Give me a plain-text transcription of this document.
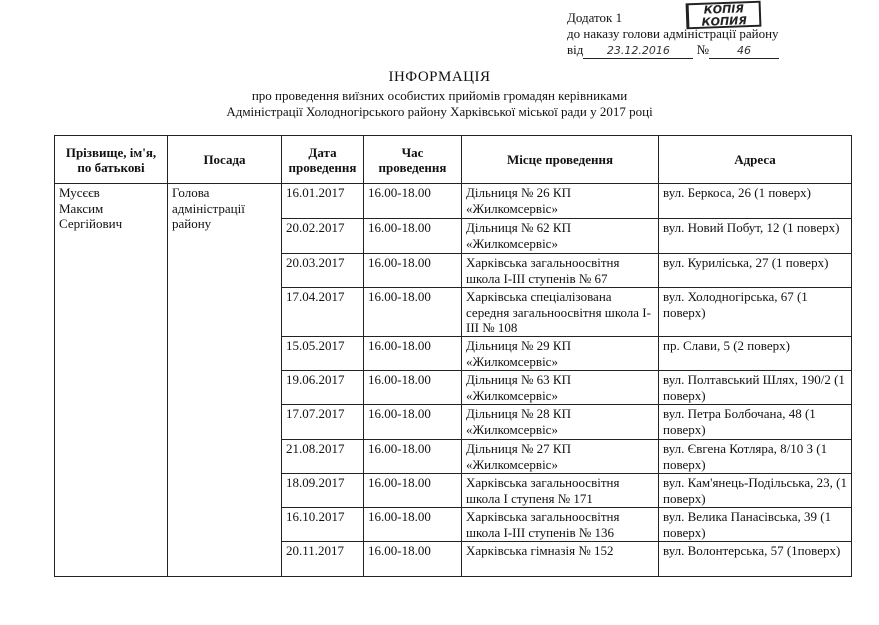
Додаток 1
до наказу голови адміністрації району
від 23.12.2016 №	46
КОПІЯ
КОПИЯ
ІНФОРМАЦІЯ
про проведення виїзних особистих прийомів громадян керівниками
Адміністрації Холодногірського району Харківської міської ради у 2017 році
Прізвище, ім'я, по батькові	Посада	Дата проведення	Час проведення	Місце проведення	Адреса

Мусєєв
Максим
Сергійович	Голова адміністрації району	16.01.2017	16.00-18.00	Дільниця № 26 КП «Жилкомсервіс»	вул. Беркоса, 26 (1 поверх)
		20.02.2017	16.00-18.00	Дільниця № 62 КП «Жилкомсервіс»	вул. Новий Побут, 12 (1 поверх)
		20.03.2017	16.00-18.00	Харківська загальноосвітня школа І-ІІІ ступенів № 67	вул. Куриліська, 27 (1 поверх)
		17.04.2017	16.00-18.00	Харківська спеціалізована середня загальноосвітня школа І-ІІІ № 108	вул. Холодногірська, 67 (1 поверх)
		15.05.2017	16.00-18.00	Дільниця № 29 КП «Жилкомсервіс»	пр. Слави, 5 (2 поверх)
		19.06.2017	16.00-18.00	Дільниця № 63 КП «Жилкомсервіс»	вул. Полтавський Шлях, 190/2 (1 поверх)
		17.07.2017	16.00-18.00	Дільниця № 28 КП «Жилкомсервіс»	вул. Петра Болбочана, 48 (1 поверх)
		21.08.2017	16.00-18.00	Дільниця № 27 КП «Жилкомсервіс»	вул. Євгена Котляра, 8/10 З (1 поверх)
		18.09.2017	16.00-18.00	Харківська загальноосвітня школа І ступеня № 171	вул. Кам'янець-Подільська, 23, (1 поверх)
		16.10.2017	16.00-18.00	Харківська загальноосвітня школа І-ІІІ ступенів № 136	вул. Велика Панасівська, 39 (1 поверх)
		20.11.2017	16.00-18.00	Харківська гімназія № 152	вул. Волонтерська, 57 (1поверх)
